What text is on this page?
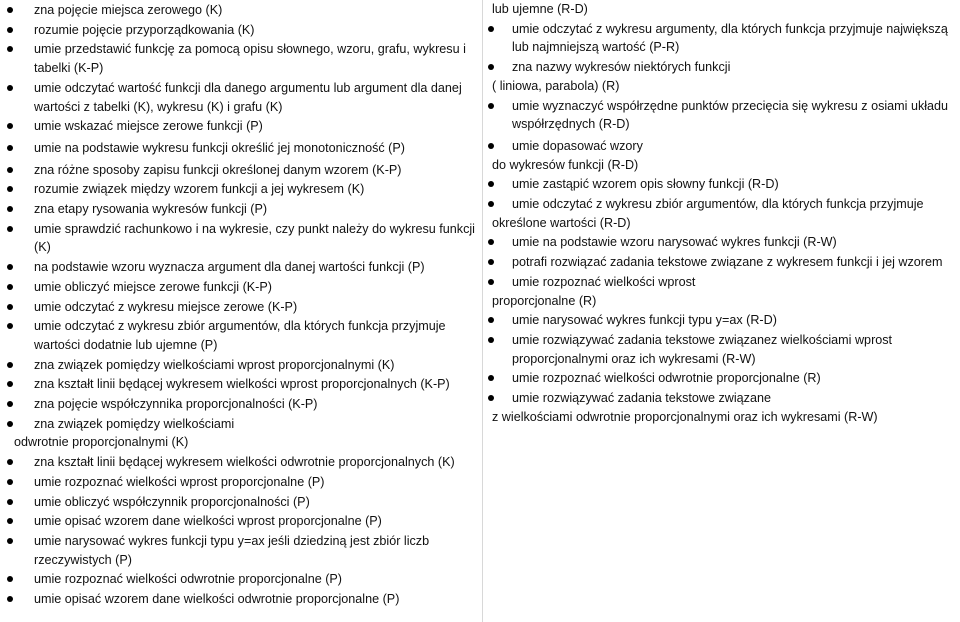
zna pojęcie miejsca zerowego (K)
rozumie pojęcie przyporządkowania (K)
umie przedstawić funkcję za pomocą opisu słownego, wzoru, grafu, wykresu i tabelki (K-P)
umie odczytać wartość funkcji dla danego argumentu lub argument dla danej wartości z tabelki (K), wykresu (K) i grafu (K)
umie wskazać miejsce zerowe funkcji (P)
umie na podstawie wykresu funkcji określić jej monotoniczność (P)
zna różne sposoby zapisu funkcji określonej danym wzorem (K-P)
rozumie związek między wzorem funkcji a jej wykresem (K)
zna etapy rysowania wykresów funkcji (P)
umie sprawdzić rachunkowo i na wykresie, czy punkt należy do wykresu funkcji (K)
na podstawie wzoru wyznacza argument dla danej wartości funkcji (P)
umie obliczyć miejsce zerowe funkcji (K-P)
umie odczytać z wykresu miejsce zerowe (K-P)
umie odczytać z wykresu zbiór argumentów, dla których funkcja przyjmuje wartości dodatnie lub ujemne (P)
zna związek pomiędzy wielkościami wprost proporcjonalnymi (K)
zna kształt linii będącej wykresem wielkości wprost proporcjonalnych (K-P)
zna pojęcie współczynnika proporcjonalności (K-P)
zna związek pomiędzy wielkościami
odwrotnie proporcjonalnymi (K)
zna kształt linii będącej wykresem wielkości odwrotnie proporcjonalnych (K)
umie rozpoznać wielkości wprost proporcjonalne (P)
umie obliczyć współczynnik proporcjonalności (P)
umie opisać wzorem dane wielkości wprost proporcjonalne (P)
umie narysować wykres funkcji typu y=ax jeśli dziedziną jest zbiór liczb rzeczywistych (P)
umie rozpoznać wielkości odwrotnie proporcjonalne (P)
umie opisać wzorem dane wielkości odwrotnie proporcjonalne (P)
lub ujemne (R-D)
umie odczytać z wykresu argumenty, dla których funkcja przyjmuje największą lub najmniejszą wartość (P-R)
zna nazwy wykresów niektórych funkcji
( liniowa, parabola) (R)
umie wyznaczyć współrzędne punktów przecięcia się wykresu z osiami układu współrzędnych (R-D)
umie dopasować wzory
do wykresów funkcji (R-D)
umie zastąpić wzorem opis słowny funkcji (R-D)
umie odczytać z wykresu zbiór argumentów, dla których funkcja przyjmuje
określone wartości (R-D)
umie na podstawie wzoru narysować wykres funkcji (R-W)
potrafi rozwiązać zadania tekstowe związane z wykresem funkcji i jej wzorem
umie rozpoznać wielkości wprost
proporcjonalne (R)
umie narysować wykres funkcji typu y=ax (R-D)
umie rozwiązywać zadania tekstowe związanez wielkościami wprost proporcjonalnymi oraz ich wykresami (R-W)
umie rozpoznać wielkości odwrotnie proporcjonalne (R)
umie rozwiązywać zadania tekstowe związane
z wielkościami odwrotnie proporcjonalnymi oraz ich wykresami (R-W)
